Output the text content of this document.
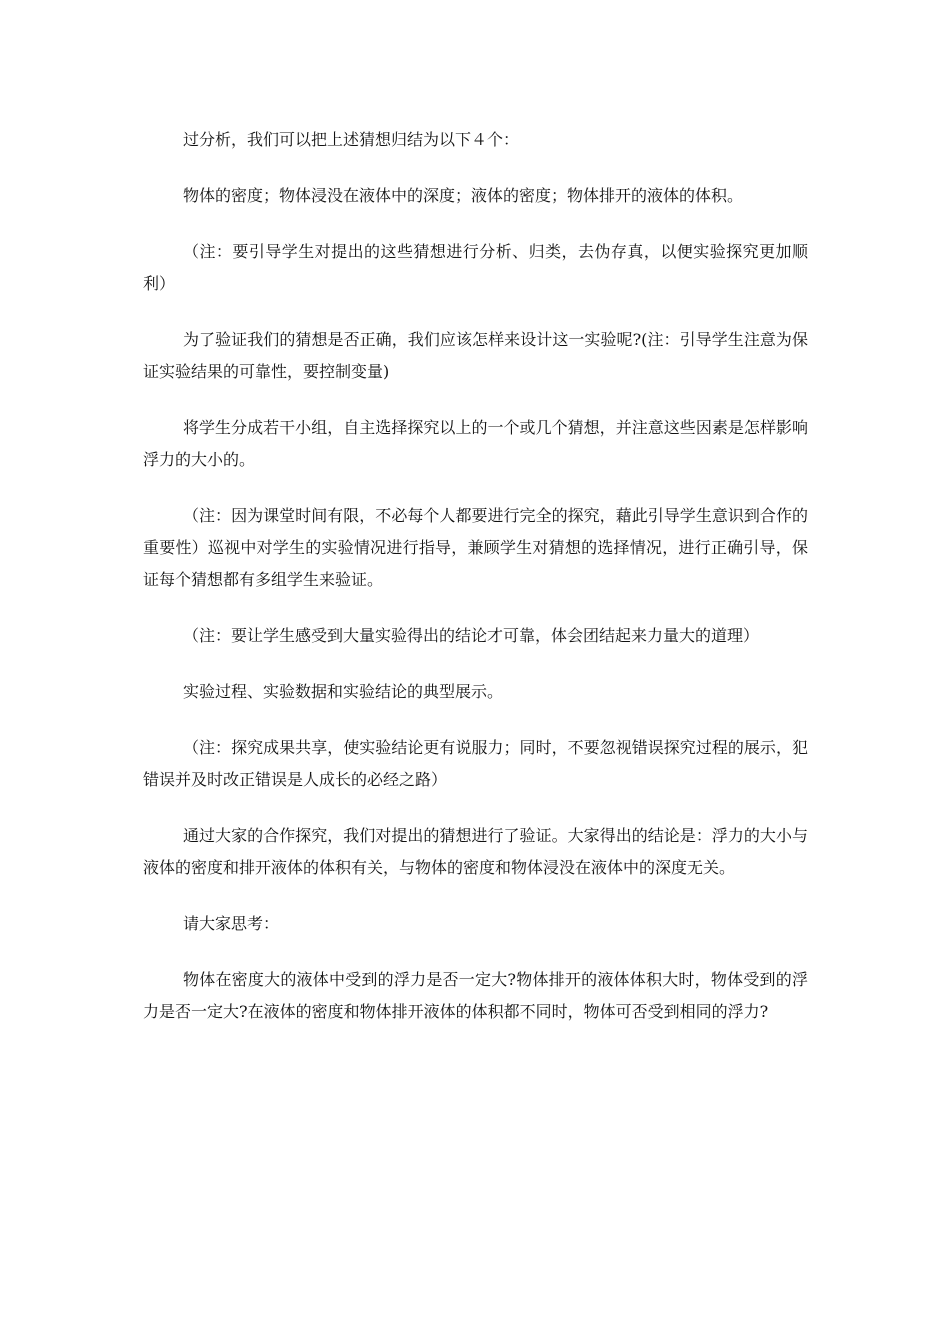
过分析，我们可以把上述猜想归结为以下４个：

物体的密度；物体浸没在液体中的深度；液体的密度；物体排开的液体的体积。

（注：要引导学生对提出的这些猜想进行分析、归类，去伪存真，以便实验探究更加顺利）

为了验证我们的猜想是否正确，我们应该怎样来设计这一实验呢?(注：引导学生注意为保证实验结果的可靠性，要控制变量)

将学生分成若干小组，自主选择探究以上的一个或几个猜想，并注意这些因素是怎样影响浮力的大小的。

（注：因为课堂时间有限，不必每个人都要进行完全的探究，藉此引导学生意识到合作的重要性）巡视中对学生的实验情况进行指导，兼顾学生对猜想的选择情况，进行正确引导，保证每个猜想都有多组学生来验证。

（注：要让学生感受到大量实验得出的结论才可靠，体会团结起来力量大的道理）

实验过程、实验数据和实验结论的典型展示。

（注：探究成果共享，使实验结论更有说服力；同时，不要忽视错误探究过程的展示，犯错误并及时改正错误是人成长的必经之路）

通过大家的合作探究，我们对提出的猜想进行了验证。大家得出的结论是：浮力的大小与液体的密度和排开液体的体积有关，与物体的密度和物体浸没在液体中的深度无关。

请大家思考：

物体在密度大的液体中受到的浮力是否一定大?物体排开的液体体积大时，物体受到的浮力是否一定大?在液体的密度和物体排开液体的体积都不同时，物体可否受到相同的浮力?
